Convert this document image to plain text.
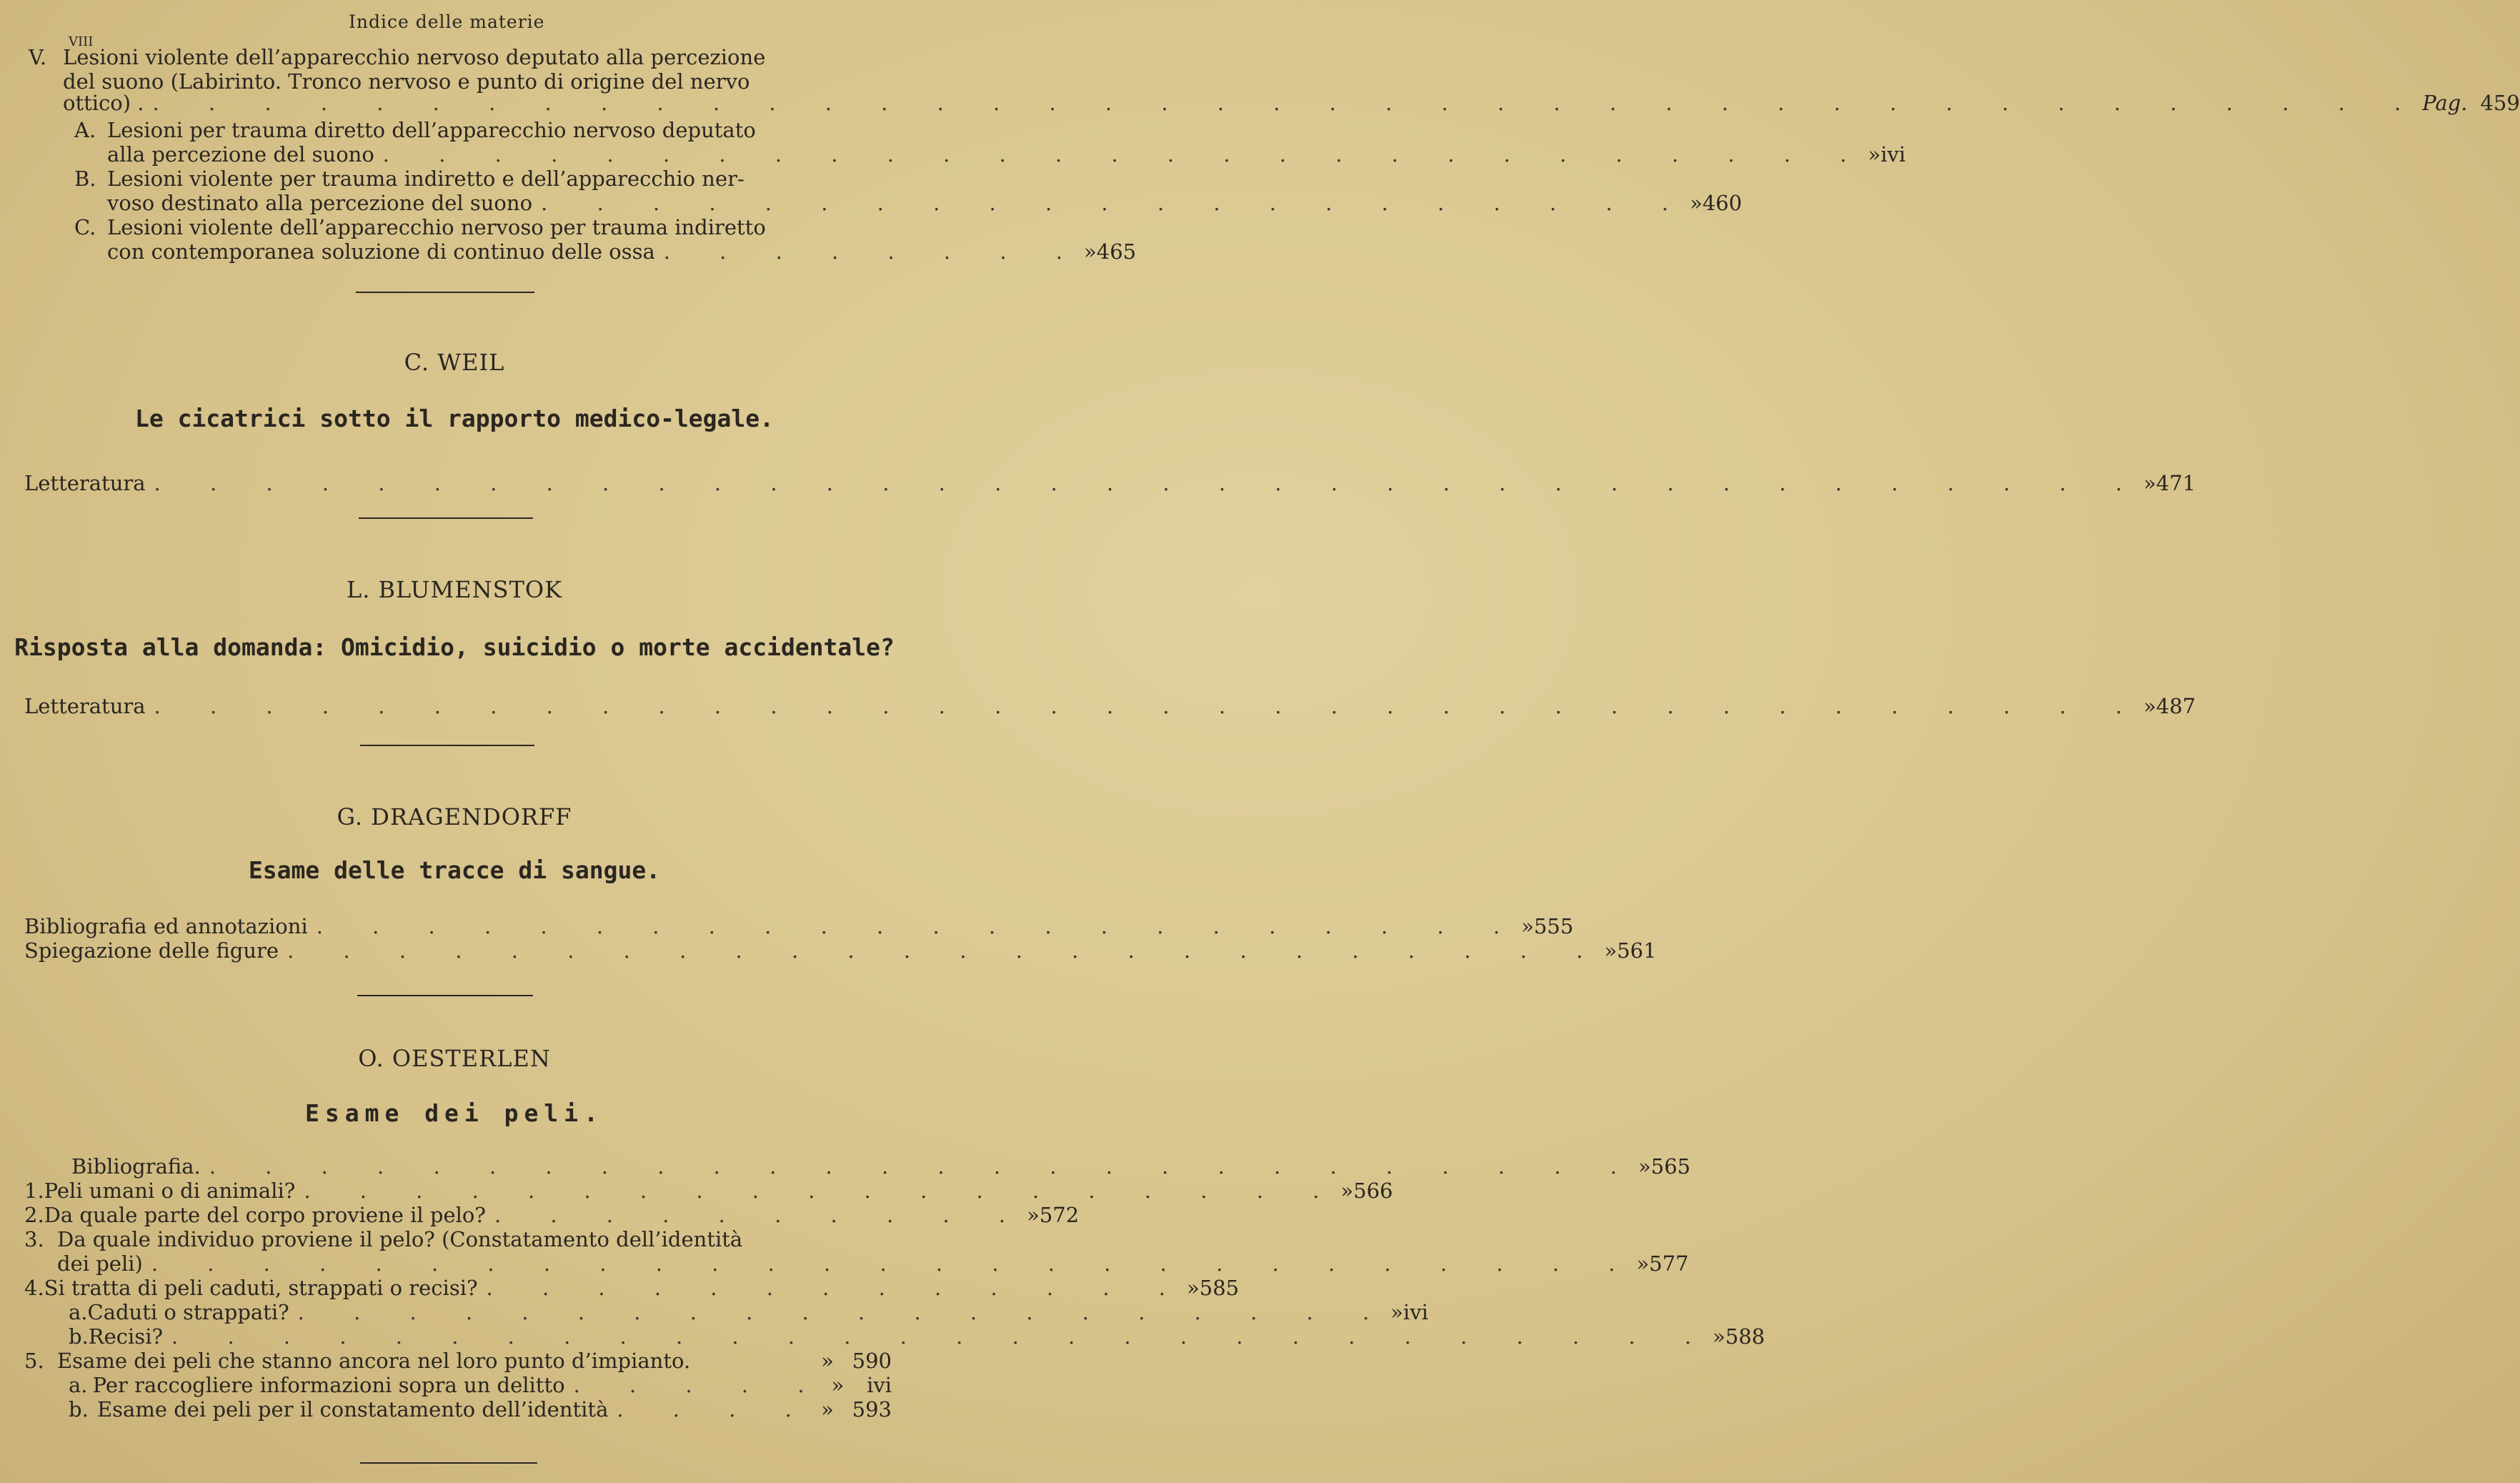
VIII
Indice delle materie
V. Lesioni violente dell’apparecchio nervoso deputato alla percezione
del suono (Labirinto. Tronco nervoso e punto di origine del nervo
ottico) . . . . . . . . . . . . . . . . . . . . . . . . . . . . . . . . . . . . . . . . . . Pag. 459
A. Lesioni per trauma diretto dell’apparecchio nervoso deputato
alla percezione del suono . . . . . . . . . . . . . . . . . . . . . . . . . . . » ivi
B. Lesioni violente per trauma indiretto e dell’apparecchio ner-
voso destinato alla percezione del suono . . . . . . . . . . . . . . . . . . . . . » 460
C. Lesioni violente dell’apparecchio nervoso per trauma indiretto
con contemporanea soluzione di continuo delle ossa . . . . . . . . » 465
C. WEIL
Le cicatrici sotto il rapporto medico-legale.
Letteratura . . . . . . . . . . . . . . . . . . . . . . . . . . . . . . . . . . . . » 471
L. BLUMENSTOK
Risposta alla domanda: Omicidio, suicidio o morte accidentale?
Letteratura . . . . . . . . . . . . . . . . . . . . . . . . . . . . . . . . . . . . » 487
G. DRAGENDORFF
Esame delle tracce di sangue.
Bibliografia ed annotazioni . . . . . . . . . . . . . . . . . . . . . . » 555
Spiegazione delle figure . . . . . . . . . . . . . . . . . . . . . . . . » 561
O. OESTERLEN
Esame dei peli.
Bibliografia. . . . . . . . . . . . . . . . . . . . . . . . . . . » 565
1. Peli umani o di animali? . . . . . . . . . . . . . . . . . . . » 566
2. Da quale parte del corpo proviene il pelo? . . . . . . . . . . » 572
3. Da quale individuo proviene il pelo? (Constatamento dell’identità
dei peli) . . . . . . . . . . . . . . . . . . . . . . . . . . . » 577
4. Si tratta di peli caduti, strappati o recisi? . . . . . . . . . . . . . » 585
a. Caduti o strappati? . . . . . . . . . . . . . . . . . . . . » ivi
b. Recisi? . . . . . . . . . . . . . . . . . . . . . . . . . . . . » 588
5. Esame dei peli che stanno ancora nel loro punto d’impianto.	» 590
a. Per raccogliere informazioni sopra un delitto . . . . . »	ivi
b. Esame dei peli per il constatamento dell’identità . . . . » 593
